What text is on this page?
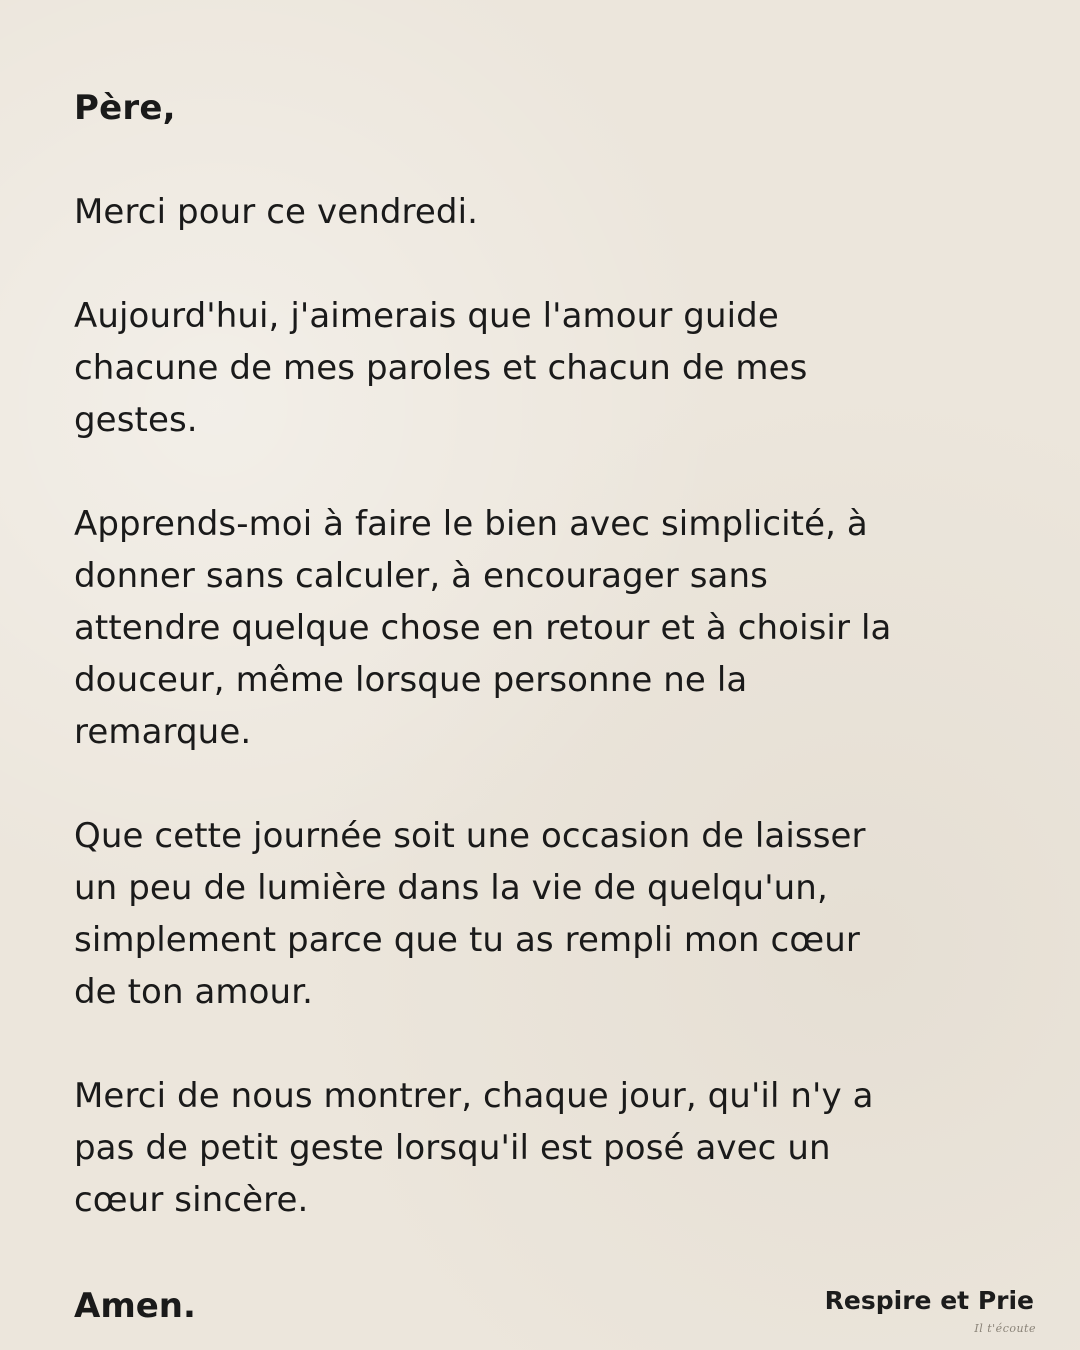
Père,

Merci pour ce vendredi.

Aujourd'hui, j'aimerais que l'amour guide
chacune de mes paroles et chacun de mes
gestes.

Apprends-moi à faire le bien avec simplicité, à
donner sans calculer, à encourager sans
attendre quelque chose en retour et à choisir la
douceur, même lorsque personne ne la
remarque.

Que cette journée soit une occasion de laisser
un peu de lumière dans la vie de quelqu'un,
simplement parce que tu as rempli mon cœur
de ton amour.

Merci de nous montrer, chaque jour, qu'il n'y a
pas de petit geste lorsqu'il est posé avec un
cœur sincère.

Amen.	Respire et Prie
Il t'écoute
